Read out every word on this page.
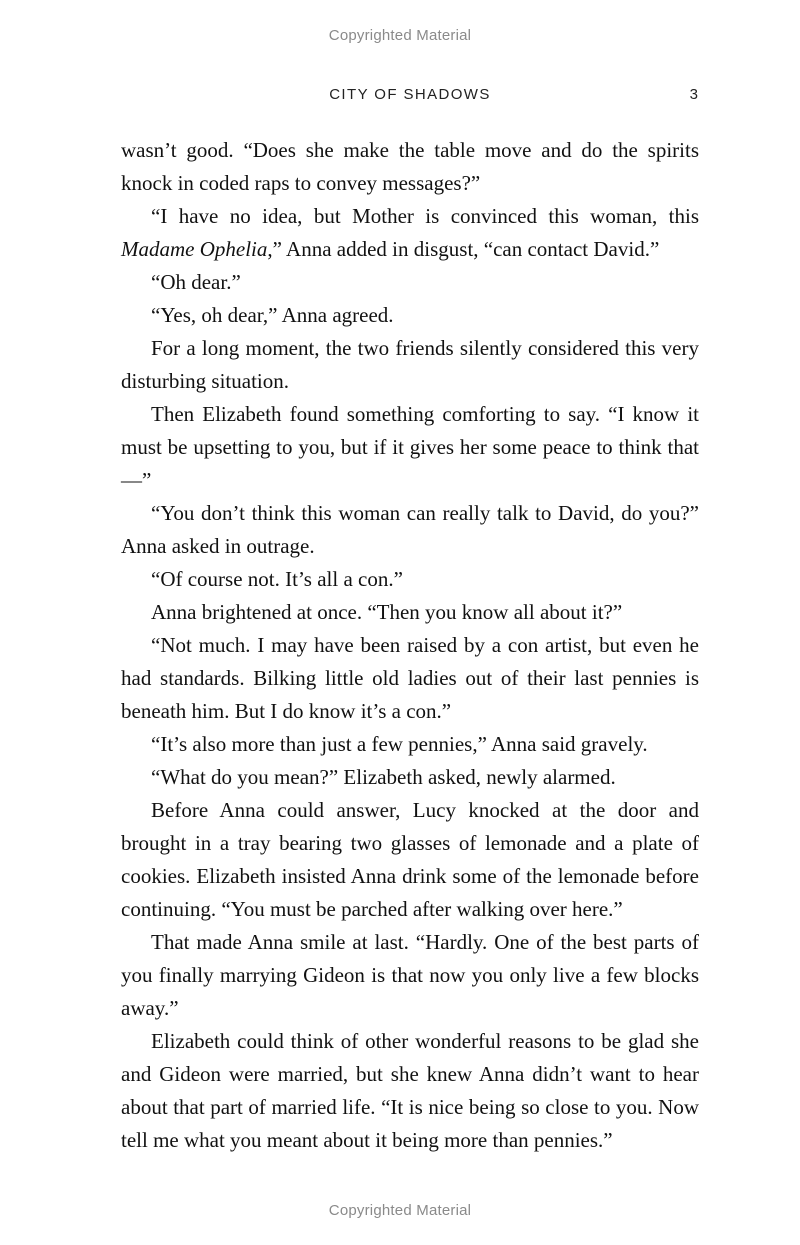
Copyrighted Material
CITY OF SHADOWS	3

wasn’t good. “Does she make the table move and do the spirits knock in coded raps to convey messages?”

“I have no idea, but Mother is convinced this woman, this Madame Ophelia,” Anna added in disgust, “can contact David.”

“Oh dear.”

“Yes, oh dear,” Anna agreed.

For a long moment, the two friends silently considered this very disturbing situation.

Then Elizabeth found something comforting to say. “I know it must be upsetting to you, but if it gives her some peace to think that—”

“You don’t think this woman can really talk to David, do you?” Anna asked in outrage.

“Of course not. It’s all a con.”

Anna brightened at once. “Then you know all about it?”

“Not much. I may have been raised by a con artist, but even he had standards. Bilking little old ladies out of their last pennies is beneath him. But I do know it’s a con.”

“It’s also more than just a few pennies,” Anna said gravely.

“What do you mean?” Elizabeth asked, newly alarmed.

Before Anna could answer, Lucy knocked at the door and brought in a tray bearing two glasses of lemonade and a plate of cookies. Elizabeth insisted Anna drink some of the lemonade before continuing. “You must be parched after walking over here.”

That made Anna smile at last. “Hardly. One of the best parts of you finally marrying Gideon is that now you only live a few blocks away.”

Elizabeth could think of other wonderful reasons to be glad she and Gideon were married, but she knew Anna didn’t want to hear about that part of married life. “It is nice being so close to you. Now tell me what you meant about it being more than pennies.”

Copyrighted Material
